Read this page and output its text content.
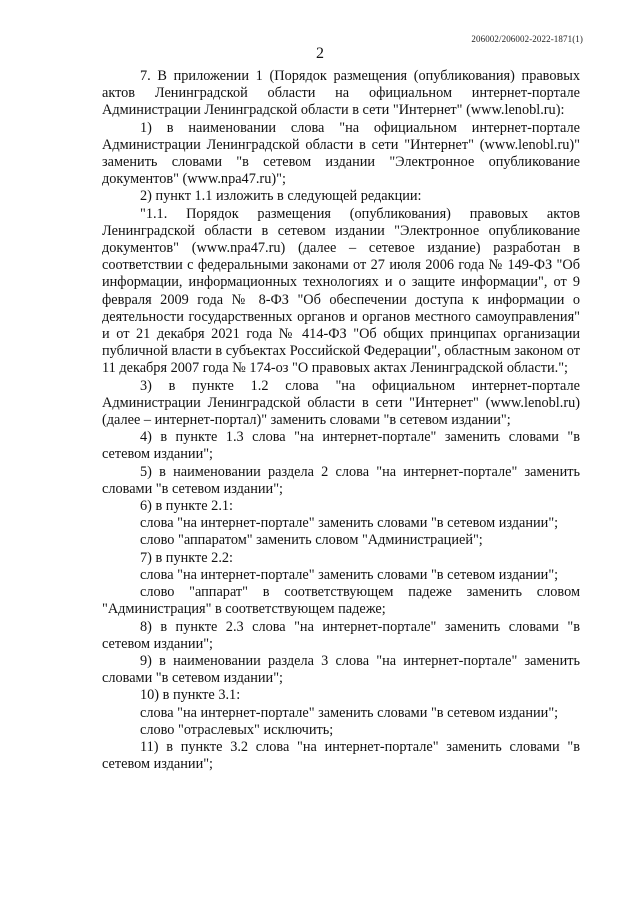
206002/206002-2022-1871(1)
2

7. В приложении 1 (Порядок размещения (опубликования) правовых актов Ленинградской области на официальном интернет-портале Администрации Ленинградской области в сети "Интернет" (www.lenobl.ru):

1) в наименовании слова "на официальном интернет-портале Администрации Ленинградской области в сети "Интернет" (www.lenobl.ru)" заменить словами "в сетевом издании "Электронное опубликование документов" (www.npa47.ru)";

2) пункт 1.1 изложить в следующей редакции:

"1.1. Порядок размещения (опубликования) правовых актов Ленинградской области в сетевом издании "Электронное опубликование документов" (www.npa47.ru) (далее – сетевое издание) разработан в соответствии с федеральными законами от 27 июля 2006 года № 149-ФЗ "Об информации, информационных технологиях и о защите информации", от 9 февраля 2009 года № 8-ФЗ "Об обеспечении доступа к информации о деятельности государственных органов и органов местного самоуправления" и от 21 декабря 2021 года № 414-ФЗ "Об общих принципах организации публичной власти в субъектах Российской Федерации", областным законом от 11 декабря 2007 года № 174-оз "О правовых актах Ленинградской области.";

3) в пункте 1.2 слова "на официальном интернет-портале Администрации Ленинградской области в сети "Интернет" (www.lenobl.ru) (далее – интернет-портал)" заменить словами "в сетевом издании";

4) в пункте 1.3 слова "на интернет-портале" заменить словами "в сетевом издании";

5) в наименовании раздела 2 слова "на интернет-портале" заменить словами "в сетевом издании";

6) в пункте 2.1:

слова "на интернет-портале" заменить словами "в сетевом издании";

слово "аппаратом" заменить словом "Администрацией";

7) в пункте 2.2:

слова "на интернет-портале" заменить словами "в сетевом издании";

слово "аппарат" в соответствующем падеже заменить словом "Администрация" в соответствующем падеже;

8) в пункте 2.3 слова "на интернет-портале" заменить словами "в сетевом издании";

9) в наименовании раздела 3 слова "на интернет-портале" заменить словами "в сетевом издании";

10) в пункте 3.1:

слова "на интернет-портале" заменить словами "в сетевом издании";

слово "отраслевых" исключить;

11) в пункте 3.2 слова "на интернет-портале" заменить словами "в сетевом издании";
